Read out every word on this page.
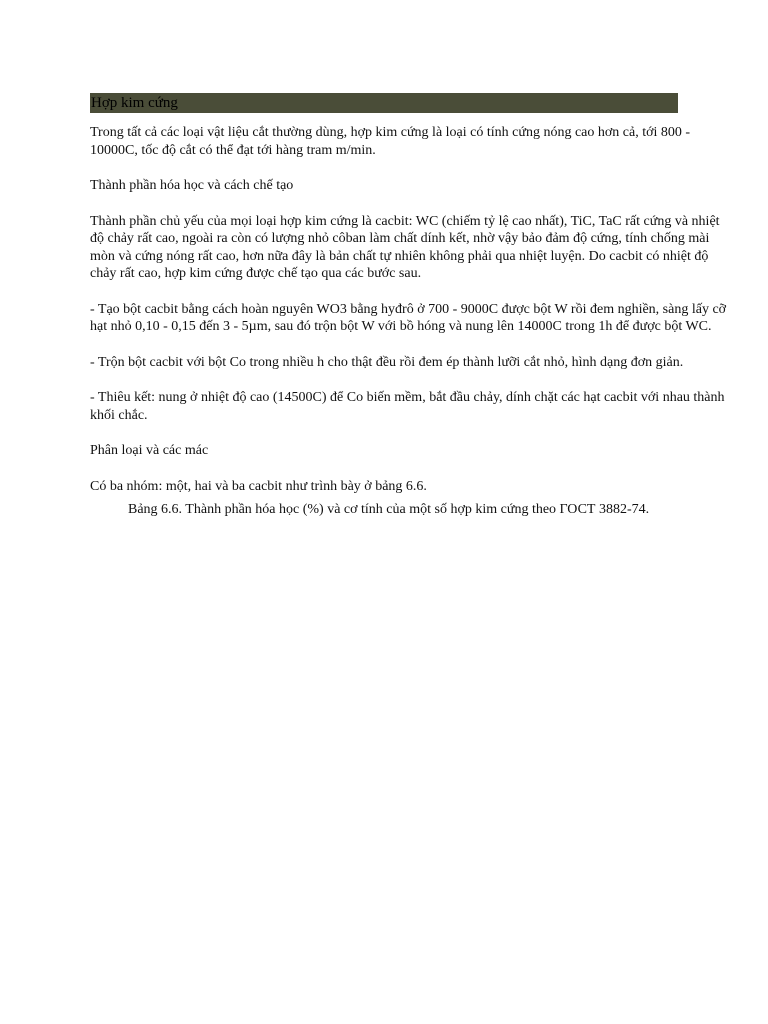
Hợp kim cứng

Trong tất cả các loại vật liệu cắt thường dùng, hợp kim cứng là loại có tính cứng nóng cao hơn cả, tới 800 - 10000C, tốc độ cắt có thể đạt tới hàng tram m/min.

Thành phần hóa học và cách chế tạo

Thành phần chủ yếu của mọi loại hợp kim cứng là cacbit: WC (chiếm tỷ lệ cao nhất), TiC, TaC rất cứng và nhiệt độ chảy rất cao, ngoài ra còn có lượng nhỏ côban làm chất dính kết, nhờ vậy bảo đảm độ cứng, tính chống mài mòn và cứng nóng rất cao, hơn nữa đây là bản chất tự nhiên không phải qua nhiệt luyện. Do cacbit có nhiệt độ chảy rất cao, hợp kim cứng được chế tạo qua các bước sau.

- Tạo bột cacbit bằng cách hoàn nguyên WO3 bằng hyđrô ở 700 - 9000C được bột W rồi đem nghiền, sàng lấy cỡ hạt nhỏ 0,10 - 0,15 đến 3 - 5µm, sau đó trộn bột W với bồ hóng và nung lên 14000C trong 1h để được bột WC.

- Trộn bột cacbit với bột Co trong nhiều h cho thật đều rồi đem ép thành lưỡi cắt nhỏ, hình dạng đơn giản.

- Thiêu kết: nung ở nhiệt độ cao (14500C) để Co biến mềm, bắt đầu chảy, dính chặt các hạt cacbit với nhau thành khối chắc.

Phân loại và các mác

Có ba nhóm: một, hai và ba cacbit như trình bày ở bảng 6.6.

Bảng 6.6. Thành phần hóa học (%) và cơ tính của một số hợp kim cứng theo ГОСТ 3882-74.
